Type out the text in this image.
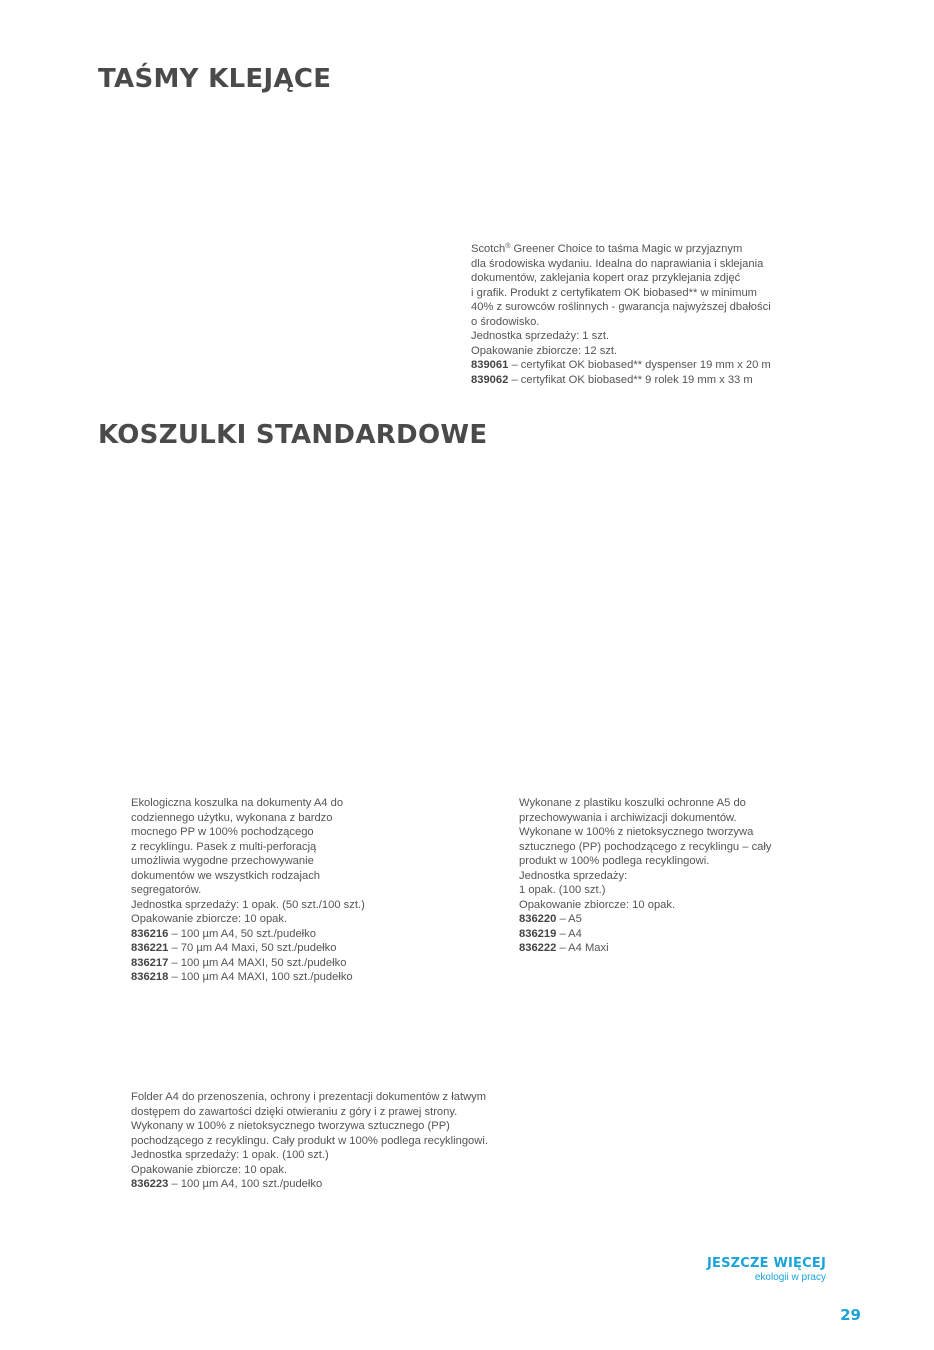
TAŚMY KLEJĄCE
Scotch® Greener Choice to taśma Magic w przyjaznym
dla środowiska wydaniu. Idealna do naprawiania i sklejania
dokumentów, zaklejania kopert oraz przyklejania zdjęć
i grafik. Produkt z certyfikatem OK biobased** w minimum
40% z surowców roślinnych - gwarancja najwyższej dbałości
o środowisko.
Jednostka sprzedaży: 1 szt.
Opakowanie zbiorcze: 12 szt.
839061 – certyfikat OK biobased** dyspenser 19 mm x 20 m
839062 – certyfikat OK biobased** 9 rolek 19 mm x 33 m
KOSZULKI STANDARDOWE
Ekologiczna koszulka na dokumenty A4 do
codziennego użytku, wykonana z bardzo
mocnego PP w 100% pochodzącego
z recyklingu. Pasek z multi-perforacją
umożliwia wygodne przechowywanie
dokumentów we wszystkich rodzajach
segregatorów.
Jednostka sprzedaży: 1 opak. (50 szt./100 szt.)
Opakowanie zbiorcze: 10 opak.
836216 – 100 µm A4, 50 szt./pudełko
836221 – 70 µm A4 Maxi, 50 szt./pudełko
836217 – 100 µm A4 MAXI, 50 szt./pudełko
836218 – 100 µm A4 MAXI, 100 szt./pudełko
Wykonane z plastiku koszulki ochronne A5 do
przechowywania i archiwizacji dokumentów.
Wykonane w 100% z nietoksycznego tworzywa
sztucznego (PP) pochodzącego z recyklingu – cały
produkt w 100% podlega recyklingowi.
Jednostka sprzedaży:
1 opak. (100 szt.)
Opakowanie zbiorcze: 10 opak.
836220 – A5
836219 – A4
836222 – A4 Maxi
Folder A4 do przenoszenia, ochrony i prezentacji dokumentów z łatwym
dostępem do zawartości dzięki otwieraniu z góry i z prawej strony.
Wykonany w 100% z nietoksycznego tworzywa sztucznego (PP)
pochodzącego z recyklingu. Cały produkt w 100% podlega recyklingowi.
Jednostka sprzedaży: 1 opak. (100 szt.)
Opakowanie zbiorcze: 10 opak.
836223 – 100 µm A4, 100 szt./pudełko
JESZCZE WIĘCEJ
ekologii w pracy
29
